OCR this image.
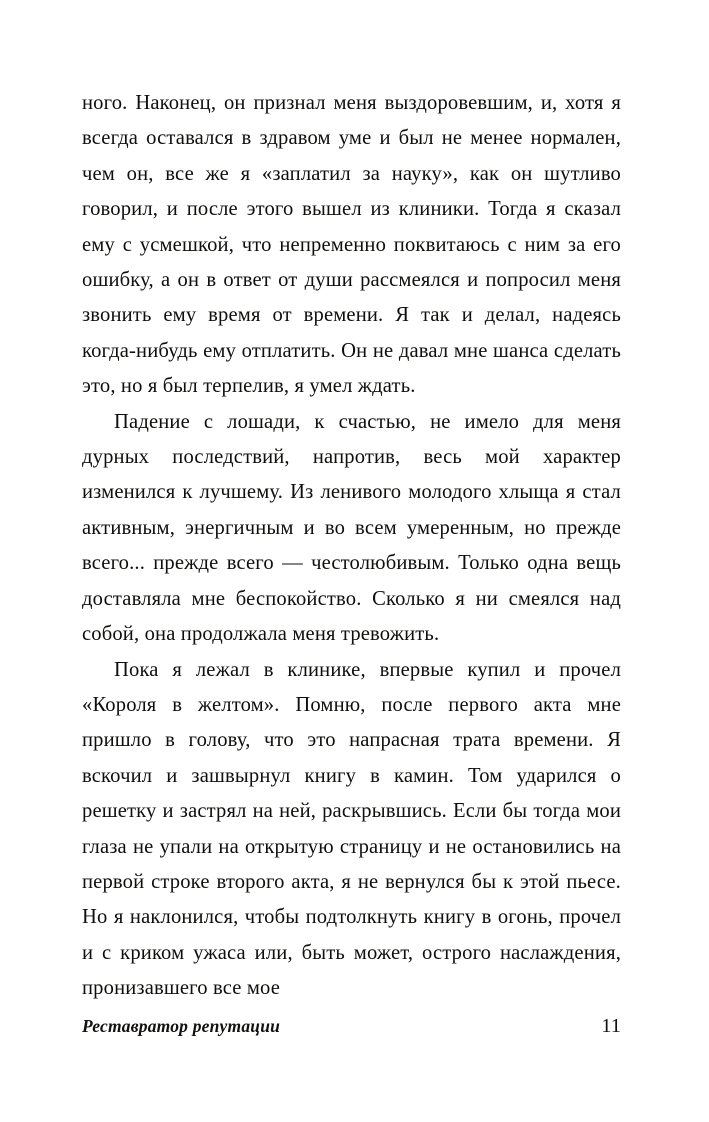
ного. Наконец, он признал меня выздоровевшим, и, хотя я всегда оставался в здравом уме и был не менее нормален, чем он, все же я «заплатил за науку», как он шутливо говорил, и после этого вышел из клиники. Тогда я сказал ему с усмешкой, что непременно поквитаюсь с ним за его ошибку, а он в ответ от души рассмеялся и попросил меня звонить ему время от времени. Я так и делал, надеясь когда-нибудь ему отплатить. Он не давал мне шанса сделать это, но я был терпелив, я умел ждать.

Падение с лошади, к счастью, не имело для меня дурных последствий, напротив, весь мой характер изменился к лучшему. Из ленивого молодого хлыща я стал активным, энергичным и во всем умеренным, но прежде всего... прежде всего — честолюбивым. Только одна вещь доставляла мне беспокойство. Сколько я ни смеялся над собой, она продолжала меня тревожить.

Пока я лежал в клинике, впервые купил и прочел «Короля в желтом». Помню, после первого акта мне пришло в голову, что это напрасная трата времени. Я вскочил и зашвырнул книгу в камин. Том ударился о решетку и застрял на ней, раскрывшись. Если бы тогда мои глаза не упали на открытую страницу и не остановились на первой строке второго акта, я не вернулся бы к этой пьесе. Но я наклонился, чтобы подтолкнуть книгу в огонь, прочел и с криком ужаса или, быть может, острого наслаждения, пронизавшего все мое

Реставратор репутации	11
